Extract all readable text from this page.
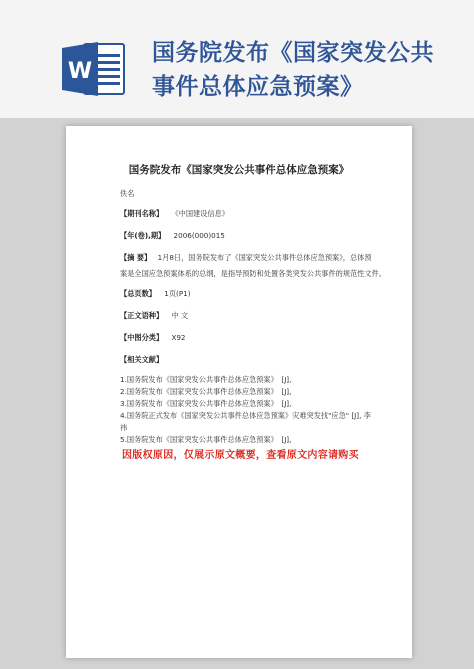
W
国务院发布《国家突发公共事件总体应急预案》
国务院发布《国家突发公共事件总体应急预案》
佚名
【期刊名称】 《中国建设信息》
【年(卷),期】 2006(000)015
【摘 要】 1月8日，国务院发布了《国家突发公共事件总体应急预案》，总体预
案是全国应急预案体系的总纲，是指导预防和处置各类突发公共事件的规范性文件。
【总页数】 1页(P1)
【正文语种】 中 文
【中图分类】 X92
【相关文献】
1.国务院发布《国家突发公共事件总体应急预案》　[J],
2.国务院发布《国家突发公共事件总体应急预案》　[J],
3.国务院发布《国家突发公共事件总体应急预案》　[J],
4.国务院正式发布《国家突发公共事件总体应急预案》灾难突发找"应急" [J], 李
祎
5.国务院发布《国家突发公共事件总体应急预案》　[J],
因版权原因，仅展示原文概要，查看原文内容请购买
